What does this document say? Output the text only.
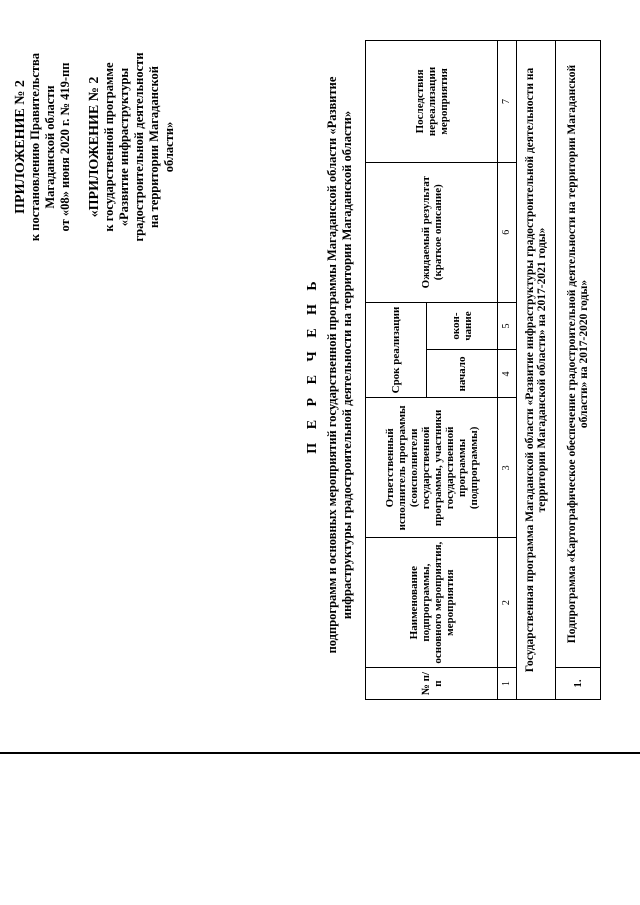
ПРИЛОЖЕНИЕ № 2 к постановлению Правительства Магаданской области от «08» июня 2020 г. № 419-пп «ПРИЛОЖЕНИЕ № 2 к государственной программе «Развитие инфраструктуры градостроительной деятельности на территории Магаданской области»
П Е Р Е Ч Е Н Ь подпрограмм и основных мероприятий государственной программы Магаданской области «Развитие инфраструктуры градостроительной деятельности на территории Магаданской области»
№ п/п	Наименование подпрограммы, основного мероприятия, мероприятия	Ответственный исполнитель программы (соисполнители государственной программы, участники государственной программы (подпрограммы)	Срок реализации		Ожидаемый результат (краткое описание)	Последствия нереализации мероприятия
			начало	окон-чание		
1	2	3	4	5	6	7
Государственная программа Магаданской области «Развитие инфраструктуры градостроительной деятельности на территории Магаданской области» на 2017-2021 годы»						
1.	Подпрограмма «Картографическое обеспечение градостроительной деятельности на территории Магаданской области» на 2017-2020 годы»					
